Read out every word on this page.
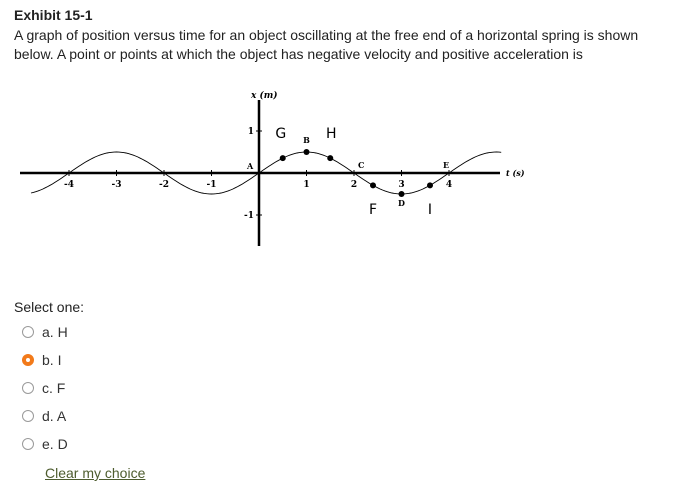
Exhibit 15-1
A graph of position versus time for an object oscillating at the free end of a horizontal spring is shown below. A point or points at which the object has negative velocity and positive acceleration is
x (m)
t (s)
-4	-3	-2	-1	1	2	3	4
1
-1
A
B
C
D
E
G	H
F	I
Select one:
a. H
b. I
c. F
d. A
e. D
Clear my choice
